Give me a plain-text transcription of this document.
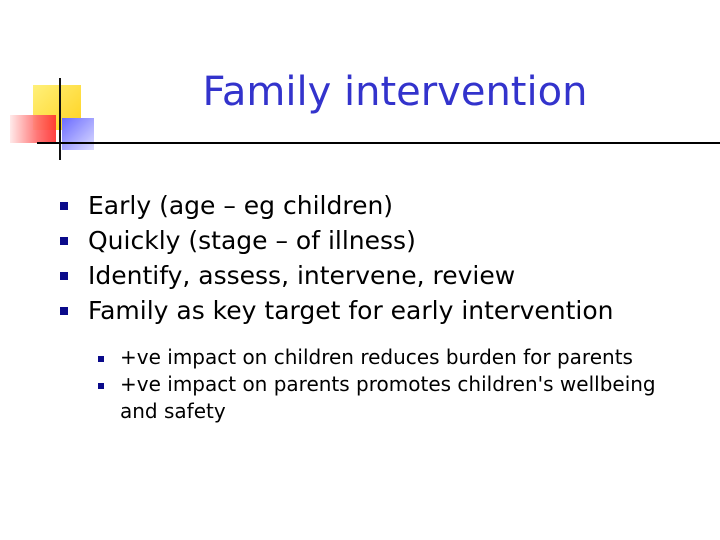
Family intervention
Early (age – eg children)
Quickly (stage – of illness)
Identify, assess, intervene, review
Family as key target for early intervention
+ve impact on children reduces burden for parents
+ve impact on parents promotes children's wellbeing and safety
